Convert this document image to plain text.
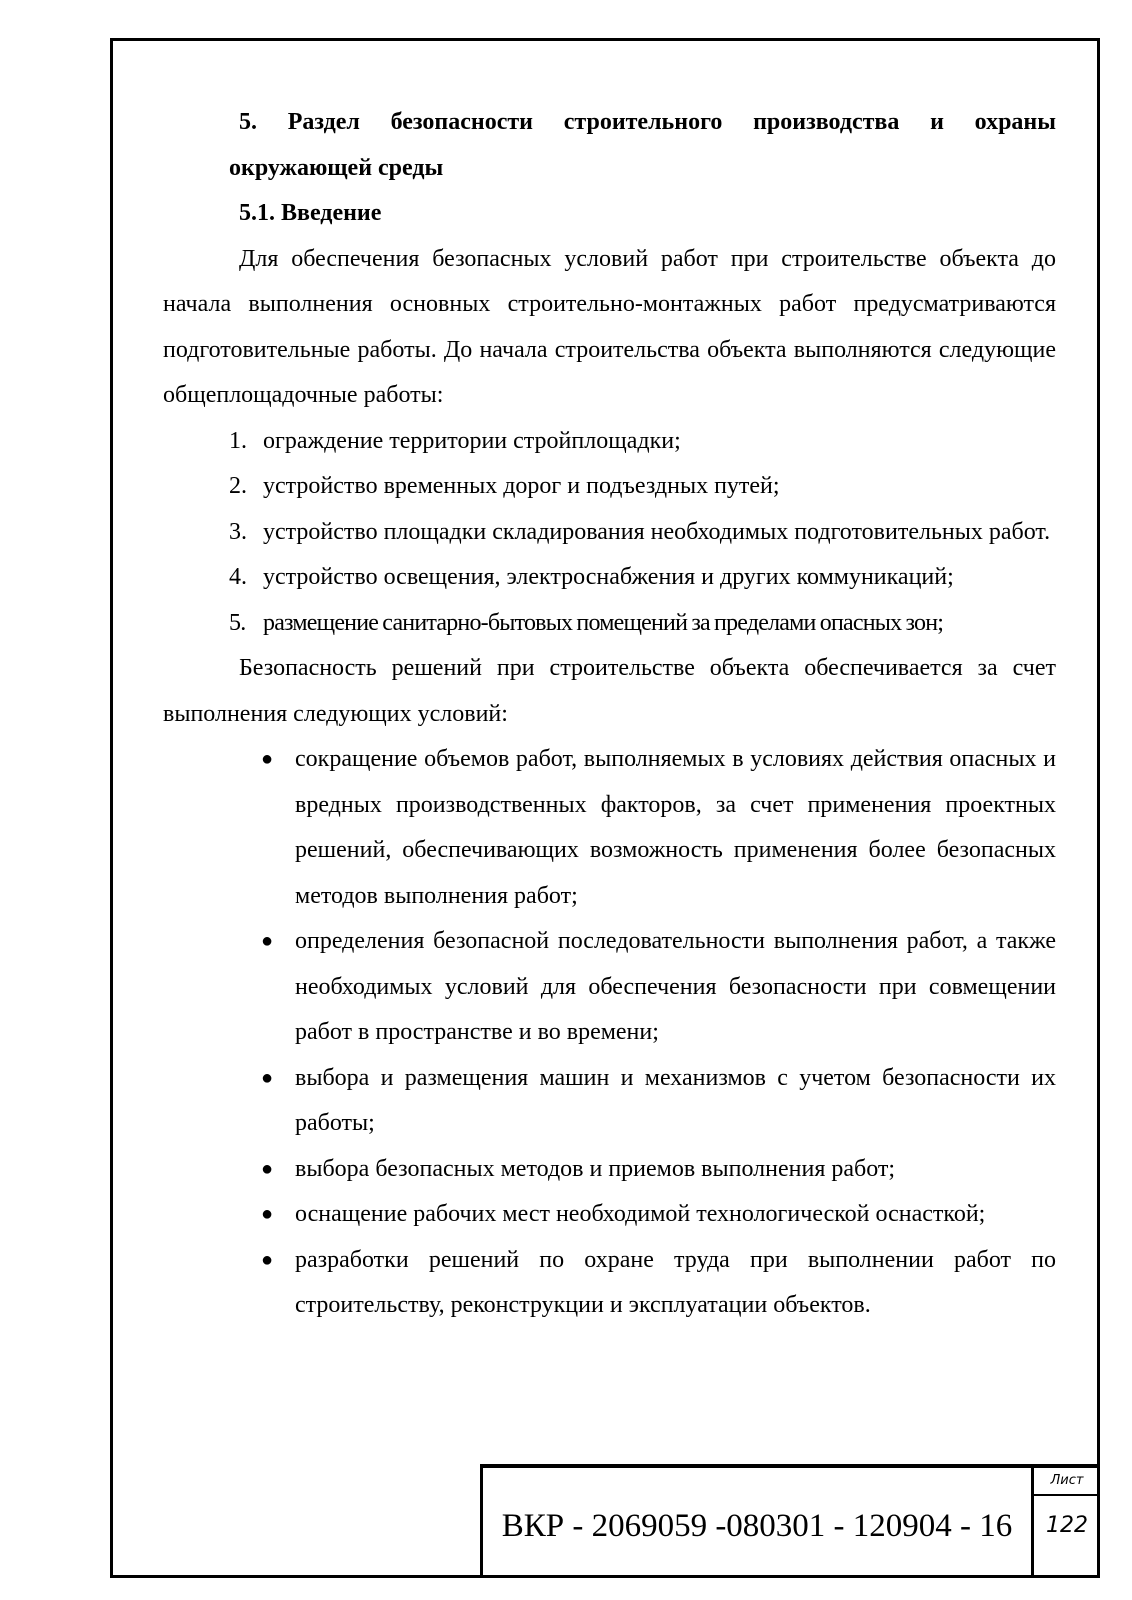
5. Раздел безопасности строительного производства и охраны

окружающей среды

5.1. Введение

Для обеспечения безопасных условий работ при строительстве объекта до начала выполнения основных строительно-монтажных работ предусматриваются подготовительные работы. До начала строительства объекта выполняются следующие общеплощадочные работы:

1. ограждение территории стройплощадки;
2. устройство временных дорог и подъездных путей;
3. устройство площадки складирования необходимых подготовительных работ.
4. устройство освещения, электроснабжения и других коммуникаций;
5. размещение санитарно-бытовых помещений за пределами опасных зон;

Безопасность решений при строительстве объекта обеспечивается за счет выполнения следующих условий:

● сокращение объемов работ, выполняемых в условиях действия опасных и вредных производственных факторов, за счет применения проектных решений, обеспечивающих возможность применения более безопасных методов выполнения работ;
● определения безопасной последовательности выполнения работ, а также необходимых условий для обеспечения безопасности при совмещении работ в пространстве и во времени;
● выбора и размещения машин и механизмов с учетом безопасности их работы;
● выбора безопасных методов и приемов выполнения работ;
● оснащение рабочих мест необходимой технологической оснасткой;
● разработки решений по охране труда при выполнении работ по строительству, реконструкции и эксплуатации объектов.
ВКР - 2069059 -080301 - 120904 - 16
Лист
122
